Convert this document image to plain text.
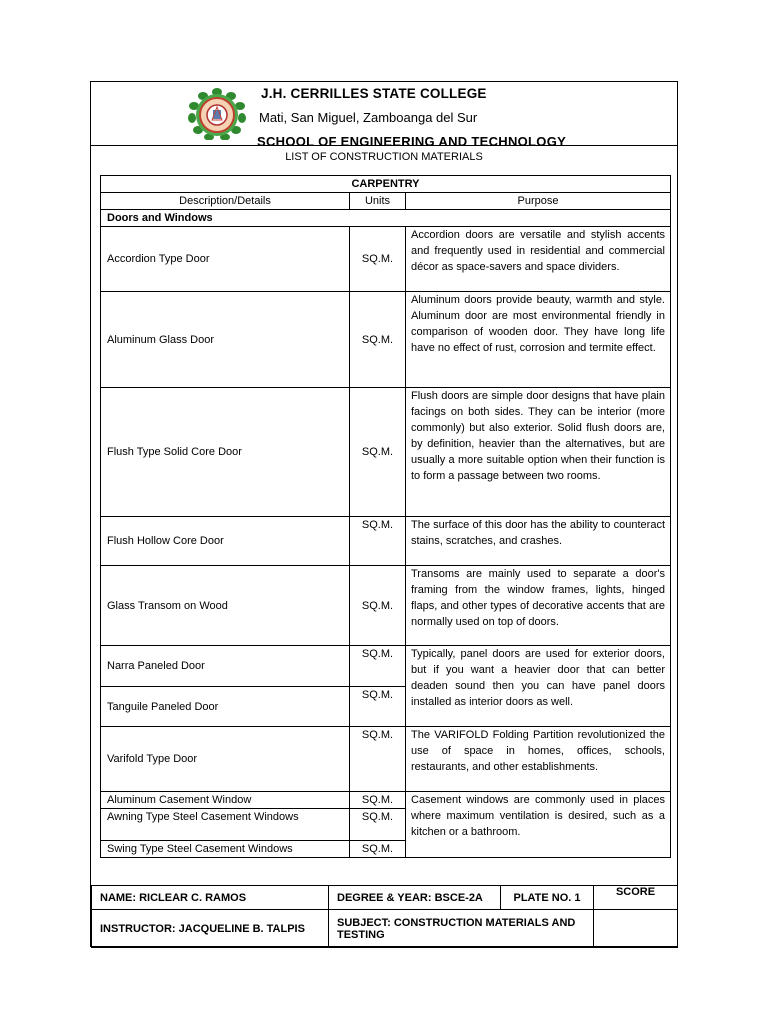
J.H. CERRILLES STATE COLLEGE
Mati, San Miguel, Zamboanga del Sur
SCHOOL OF ENGINEERING AND TECHNOLOGY
LIST OF CONSTRUCTION MATERIALS
CARPENTRY		
Description/Details	Units	Purpose
Doors and Windows		
Accordion Type Door	SQ.M.	Accordion doors are versatile and stylish accents and frequently used in residential and commercial décor as space-savers and space dividers.
Aluminum Glass Door	SQ.M.	Aluminum doors provide beauty, warmth and style. Aluminum door are most environmental friendly in comparison of wooden door. They have long life have no effect of rust, corrosion and termite effect.
Flush Type Solid Core Door	SQ.M.	Flush doors are simple door designs that have plain facings on both sides. They can be interior (more commonly) but also exterior. Solid flush doors are, by definition, heavier than the alternatives, but are usually a more suitable option when their function is to form a passage between two rooms.
Flush Hollow Core Door	SQ.M.	The surface of this door has the ability to counteract stains, scratches, and crashes.
Glass Transom on Wood	SQ.M.	Transoms are mainly used to separate a door's framing from the window frames, lights, hinged flaps, and other types of decorative accents that are normally used on top of doors.
Narra Paneled Door	SQ.M.	Typically, panel doors are used for exterior doors, but if you want a heavier door that can better deaden sound then you can have panel doors installed as interior doors as well.
Tanguile Paneled Door	SQ.M.	
Varifold Type Door	SQ.M.	The VARIFOLD Folding Partition revolutionized the use of space in homes, offices, schools, restaurants, and other establishments.
Aluminum Casement Window	SQ.M.	Casement windows are commonly used in places where maximum ventilation is desired, such as a kitchen or a bathroom.
Awning Type Steel Casement Windows	SQ.M.	
Swing Type Steel Casement Windows	SQ.M.	
NAME: RICLEAR C. RAMOS	DEGREE & YEAR: BSCE-2A	PLATE NO. 1	SCORE
INSTRUCTOR: JACQUELINE B. TALPIS	SUBJECT: CONSTRUCTION MATERIALS AND TESTING		
